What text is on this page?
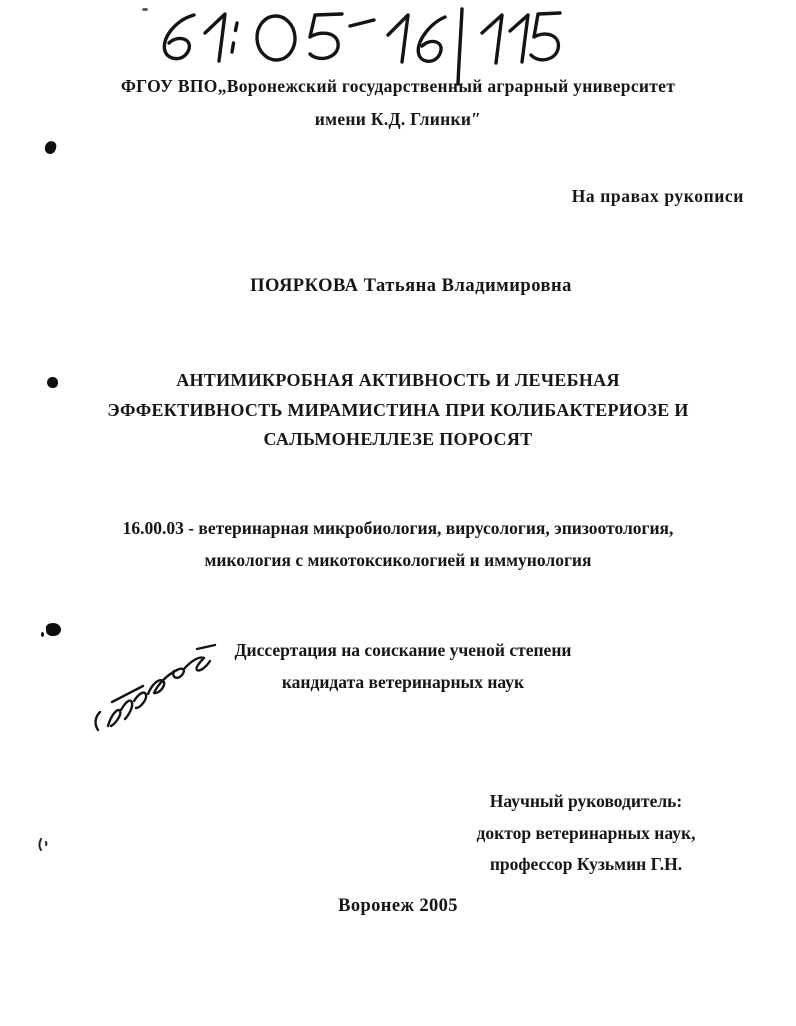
ФГОУ ВПО„Воронежский государственный аграрный университет
имени К.Д. Глинки″
На правах рукописи
ПОЯРКОВА Татьяна Владимировна
АНТИМИКРОБНАЯ АКТИВНОСТЬ И ЛЕЧЕБНАЯ
ЭФФЕКТИВНОСТЬ МИРАМИСТИНА ПРИ КОЛИБАКТЕРИОЗЕ И
САЛЬМОНЕЛЛЕЗЕ ПОРОСЯТ
16.00.03 - ветеринарная микробиология, вирусология, эпизоотология,
микология с микотоксикологией и иммунология
Диссертация на соискание ученой степени
кандидата ветеринарных наук
Научный руководитель:
доктор ветеринарных наук,
профессор Кузьмин Г.Н.
Воронеж 2005
